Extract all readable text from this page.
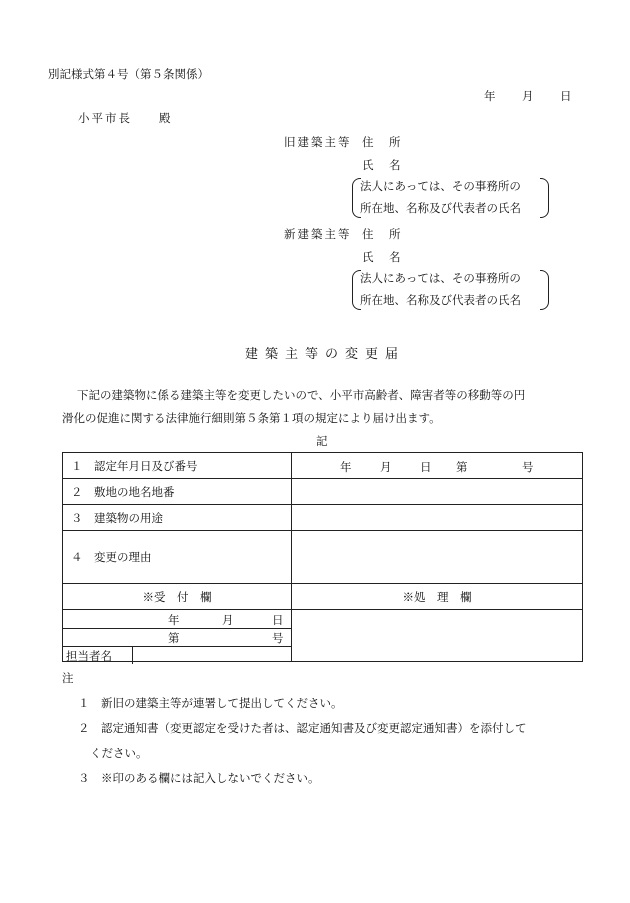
別記様式第４号（第５条関係）
年 月 日
小平市長　　殿
旧建築主等 住　所
氏　名
法人にあっては、その事務所の
所在地、名称及び代表者の氏名
新建築主等 住　所
氏　名
法人にあっては、その事務所の
所在地、名称及び代表者の氏名
建築主等の変更届
下記の建築物に係る建築主等を変更したいので、小平市高齢者、障害者等の移動等の円
滑化の促進に関する法律施行細則第５条第１項の規定により届け出ます。
記
１　認定年月日及び番号	年 月 日 第 号

２　敷地の地名地番	
３　建築物の用途	
４　変更の理由	
※受　付　欄	※処　理　欄

年	月	日
第	号
担当者名
注
１　新旧の建築主等が連署して提出してください。
２　認定通知書（変更認定を受けた者は、認定通知書及び変更認定通知書）を添付して
ください。
３　※印のある欄には記入しないでください。
